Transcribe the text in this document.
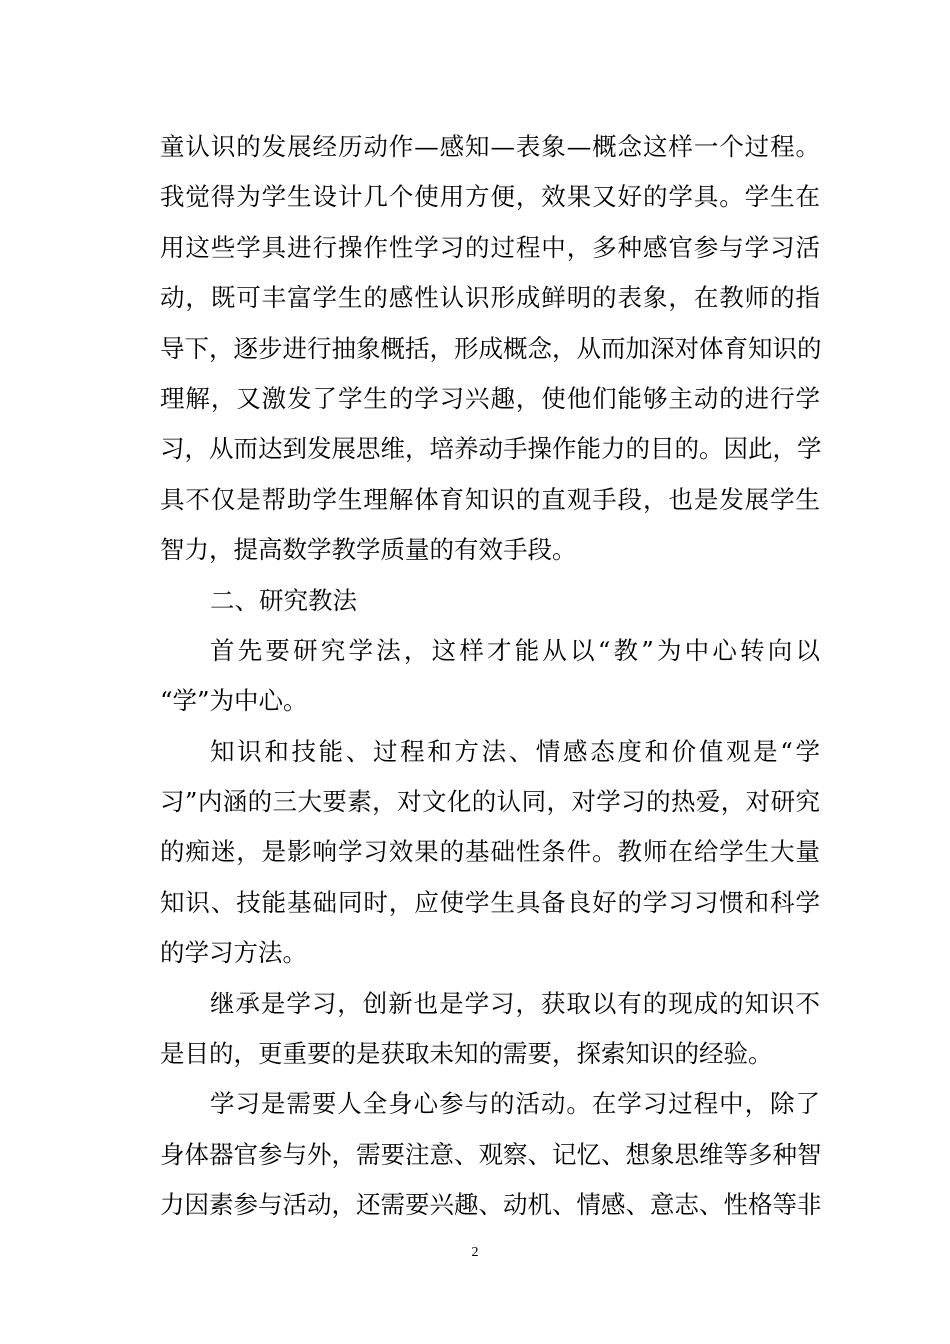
童认识的发展经历动作—感知—表象—概念这样一个过程。

我觉得为学生设计几个使用方便，效果又好的学具。学生在

用这些学具进行操作性学习的过程中，多种感官参与学习活

动，既可丰富学生的感性认识形成鲜明的表象，在教师的指

导下，逐步进行抽象概括，形成概念，从而加深对体育知识的

理解，又激发了学生的学习兴趣，使他们能够主动的进行学

习，从而达到发展思维，培养动手操作能力的目的。因此，学

具不仅是帮助学生理解体育知识的直观手段，也是发展学生

智力，提高数学教学质量的有效手段。

二、研究教法

首先要研究学法，这样才能从以“教”为中心转向以

“学”为中心。

知识和技能、过程和方法、情感态度和价值观是“学

习”内涵的三大要素，对文化的认同，对学习的热爱，对研究

的痴迷，是影响学习效果的基础性条件。教师在给学生大量

知识、技能基础同时，应使学生具备良好的学习习惯和科学

的学习方法。

继承是学习，创新也是学习，获取以有的现成的知识不

是目的，更重要的是获取未知的需要，探索知识的经验。

学习是需要人全身心参与的活动。在学习过程中，除了

身体器官参与外，需要注意、观察、记忆、想象思维等多种智

力因素参与活动，还需要兴趣、动机、情感、意志、性格等非

2
